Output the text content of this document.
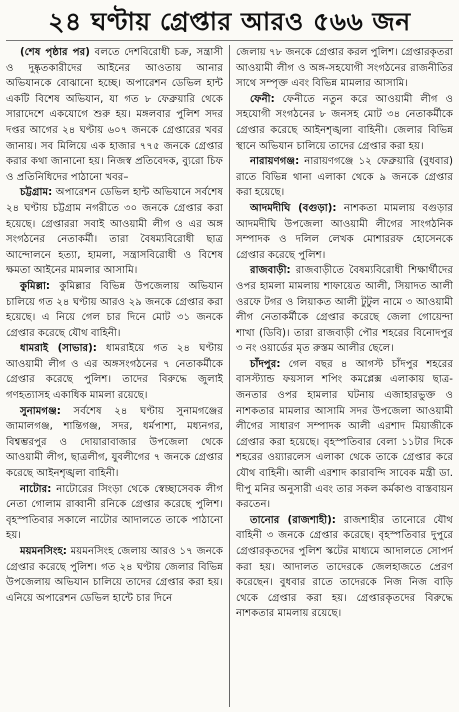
২৪ ঘণ্টায় গ্রেপ্তার আরও ৫৬৬ জন

(শেষ পৃষ্ঠার পর) বলতে দেশবিরোধী চক্র, সন্ত্রাসী ও দুষ্কৃতকারীদের আইনের আওতায় আনার অভিযানকে বোঝানো হচ্ছে। অপারেশন ডেভিল হান্ট একটি বিশেষ অভিযান, যা গত ৮ ফেব্রুয়ারি থেকে সারাদেশে একযোগে শুরু হয়। মঙ্গলবার পুলিশ সদর দপ্তর আগের ২৪ ঘণ্টায় ৬০৭ জনকে গ্রেপ্তারের খবর জানায়। সব মিলিয়ে এক হাজার ৭৭৫ জনকে গ্রেপ্তার করার কথা জানানো হয়। নিজস্ব প্রতিবেদক, ব্যুরো চিফ ও প্রতিনিধিদের পাঠানো খবর–

চট্টগ্রাম: অপারেশন ডেভিল হান্ট অভিযানে সর্বশেষ ২৪ ঘণ্টায় চট্টগ্রাম নগরীতে ৩০ জনকে গ্রেপ্তার করা হয়েছে। গ্রেপ্তাররা সবাই আওয়ামী লীগ ও এর অঙ্গ সংগঠনের নেতাকর্মী। তারা বৈষম্যবিরোধী ছাত্র আন্দোলনে হত্যা, হামলা, সন্ত্রাসবিরোধী ও বিশেষ ক্ষমতা আইনের মামলার আসামি।

কুমিল্লা: কুমিল্লার বিভিন্ন উপজেলায় অভিযান চালিয়ে গত ২৪ ঘণ্টায় আরও ২৯ জনকে গ্রেপ্তার করা হয়েছে। এ নিয়ে গেল চার দিনে মোট ৩১ জনকে গ্রেপ্তার করেছে যৌথ বাহিনী।

ধামরাই (সাভার): ধামরাইয়ে গত ২৪ ঘণ্টায় আওয়ামী লীগ ও এর অঙ্গসংগঠনের ৭ নেতাকর্মীকে গ্রেপ্তার করেছে পুলিশ। তাদের বিরুদ্ধে জুলাই গণহত্যাসহ একাধিক মামলা রয়েছে।

সুনামগঞ্জ: সর্বশেষ ২৪ ঘণ্টায় সুনামগঞ্জের জামালগঞ্জ, শান্তিগঞ্জ, সদর, ধর্মপাশা, মধ্যনগর, বিশ্বম্ভরপুর ও দোয়ারাবাজার উপজেলা থেকে আওয়ামী লীগ, ছাত্রলীগ, যুবলীগের ৭ জনকে গ্রেপ্তার করেছে আইনশৃঙ্খলা বাহিনী।

নাটোর: নাটোরের সিংড়া থেকে স্বেচ্ছাসেবক লীগ নেতা গোলাম রাব্বানী রনিকে গ্রেপ্তার করেছে পুলিশ। বৃহস্পতিবার সকালে নাটোর আদালতে তাকে পাঠানো হয়।

ময়মনসিংহ: ময়মনসিংহ জেলায় আরও ১৭ জনকে গ্রেপ্তার করেছে পুলিশ। গত ২৪ ঘণ্টায় জেলার বিভিন্ন উপজেলায় অভিযান চালিয়ে তাদের গ্রেপ্তার করা হয়। এনিয়ে অপারেশন ডেভিল হান্টে চার দিনে

জেলায় ৭৮ জনকে গ্রেপ্তার করল পুলিশ। গ্রেপ্তারকৃতরা আওয়ামী লীগ ও অঙ্গ-সহযোগী সংগঠনের রাজনীতির সাথে সম্পৃক্ত এবং বিভিন্ন মামলার আসামি।

ফেনী: ফেনীতে নতুন করে আওয়ামী লীগ ও সহযোগী সংগঠনের ৮ জনসহ মোট ৩৪ নেতাকর্মীকে গ্রেপ্তার করেছে আইনশৃঙ্খলা বাহিনী। জেলার বিভিন্ন স্থানে অভিযান চালিয়ে তাদের গ্রেপ্তার করা হয়।

নারায়ণগঞ্জ: নারায়ণগঞ্জে ১২ ফেব্রুয়ারি (বুধবার) রাতে বিভিন্ন থানা এলাকা থেকে ৯ জনকে গ্রেপ্তার করা হয়েছে।

আদমদীঘি (বগুড়া): নাশকতা মামলায় বগুড়ার আদমদীঘি উপজেলা আওয়ামী লীগের সাংগঠনিক সম্পাদক ও দলিল লেখক মোশাররফ হোসেনকে গ্রেপ্তার করেছে পুলিশ।

রাজবাড়ী: রাজবাড়ীতে বৈষম্যবিরোধী শিক্ষার্থীদের ওপর হামলা মামলায় শাফায়েত আলী, সিয়াদত আলী ওরফে টগর ও লিয়াকত আলী টুটুল নামে ৩ আওয়ামী লীগ নেতাকর্মীকে গ্রেপ্তার করেছে জেলা গোয়েন্দা শাখা (ডিবি)। তারা রাজবাড়ী পৌর শহরের বিনোদপুর ৩ নং ওয়ার্ডের মৃত রুস্তম আলীর ছেলে।

চাঁদপুর: গেল বছর ৪ আগস্ট চাঁদপুর শহরের বাসস্ট্যান্ড ফয়সাল শপিং কমপ্লেক্স এলাকায় ছাত্র-জনতার ওপর হামলার ঘটনায় এজাহারভুক্ত ও নাশকতার মামলার আসামি সদর উপজেলা আওয়ামী লীগের সাধারণ সম্পাদক আলী এরশাদ মিয়াজীকে গ্রেপ্তার করা হয়েছে। বৃহস্পতিবার বেলা ১১টার দিকে শহরের ওয়্যারলেস এলাকা থেকে তাকে গ্রেপ্তার করে যৌথ বাহিনী। আলী এরশাদ কারাবন্দি সাবেক মন্ত্রী ডা. দীপু মনির অনুসারী এবং তার সকল কর্মকাণ্ড বাস্তবায়ন করতেন।

তানোর (রাজশাহী): রাজশাহীর তানোরে যৌথ বাহিনী ৩ জনকে গ্রেপ্তার করেছে। বৃহস্পতিবার দুপুরে গ্রেপ্তারকৃতদের পুলিশ স্কটের মাধ্যমে আদালতে সোপর্দ করা হয়। আদালত তাদেরকে জেলহাজতে প্রেরণ করেছেন। বুধবার রাতে তাদেরকে নিজ নিজ বাড়ি থেকে গ্রেপ্তার করা হয়। গ্রেপ্তারকৃতদের বিরুদ্ধে নাশকতার মামলায় রয়েছে।
